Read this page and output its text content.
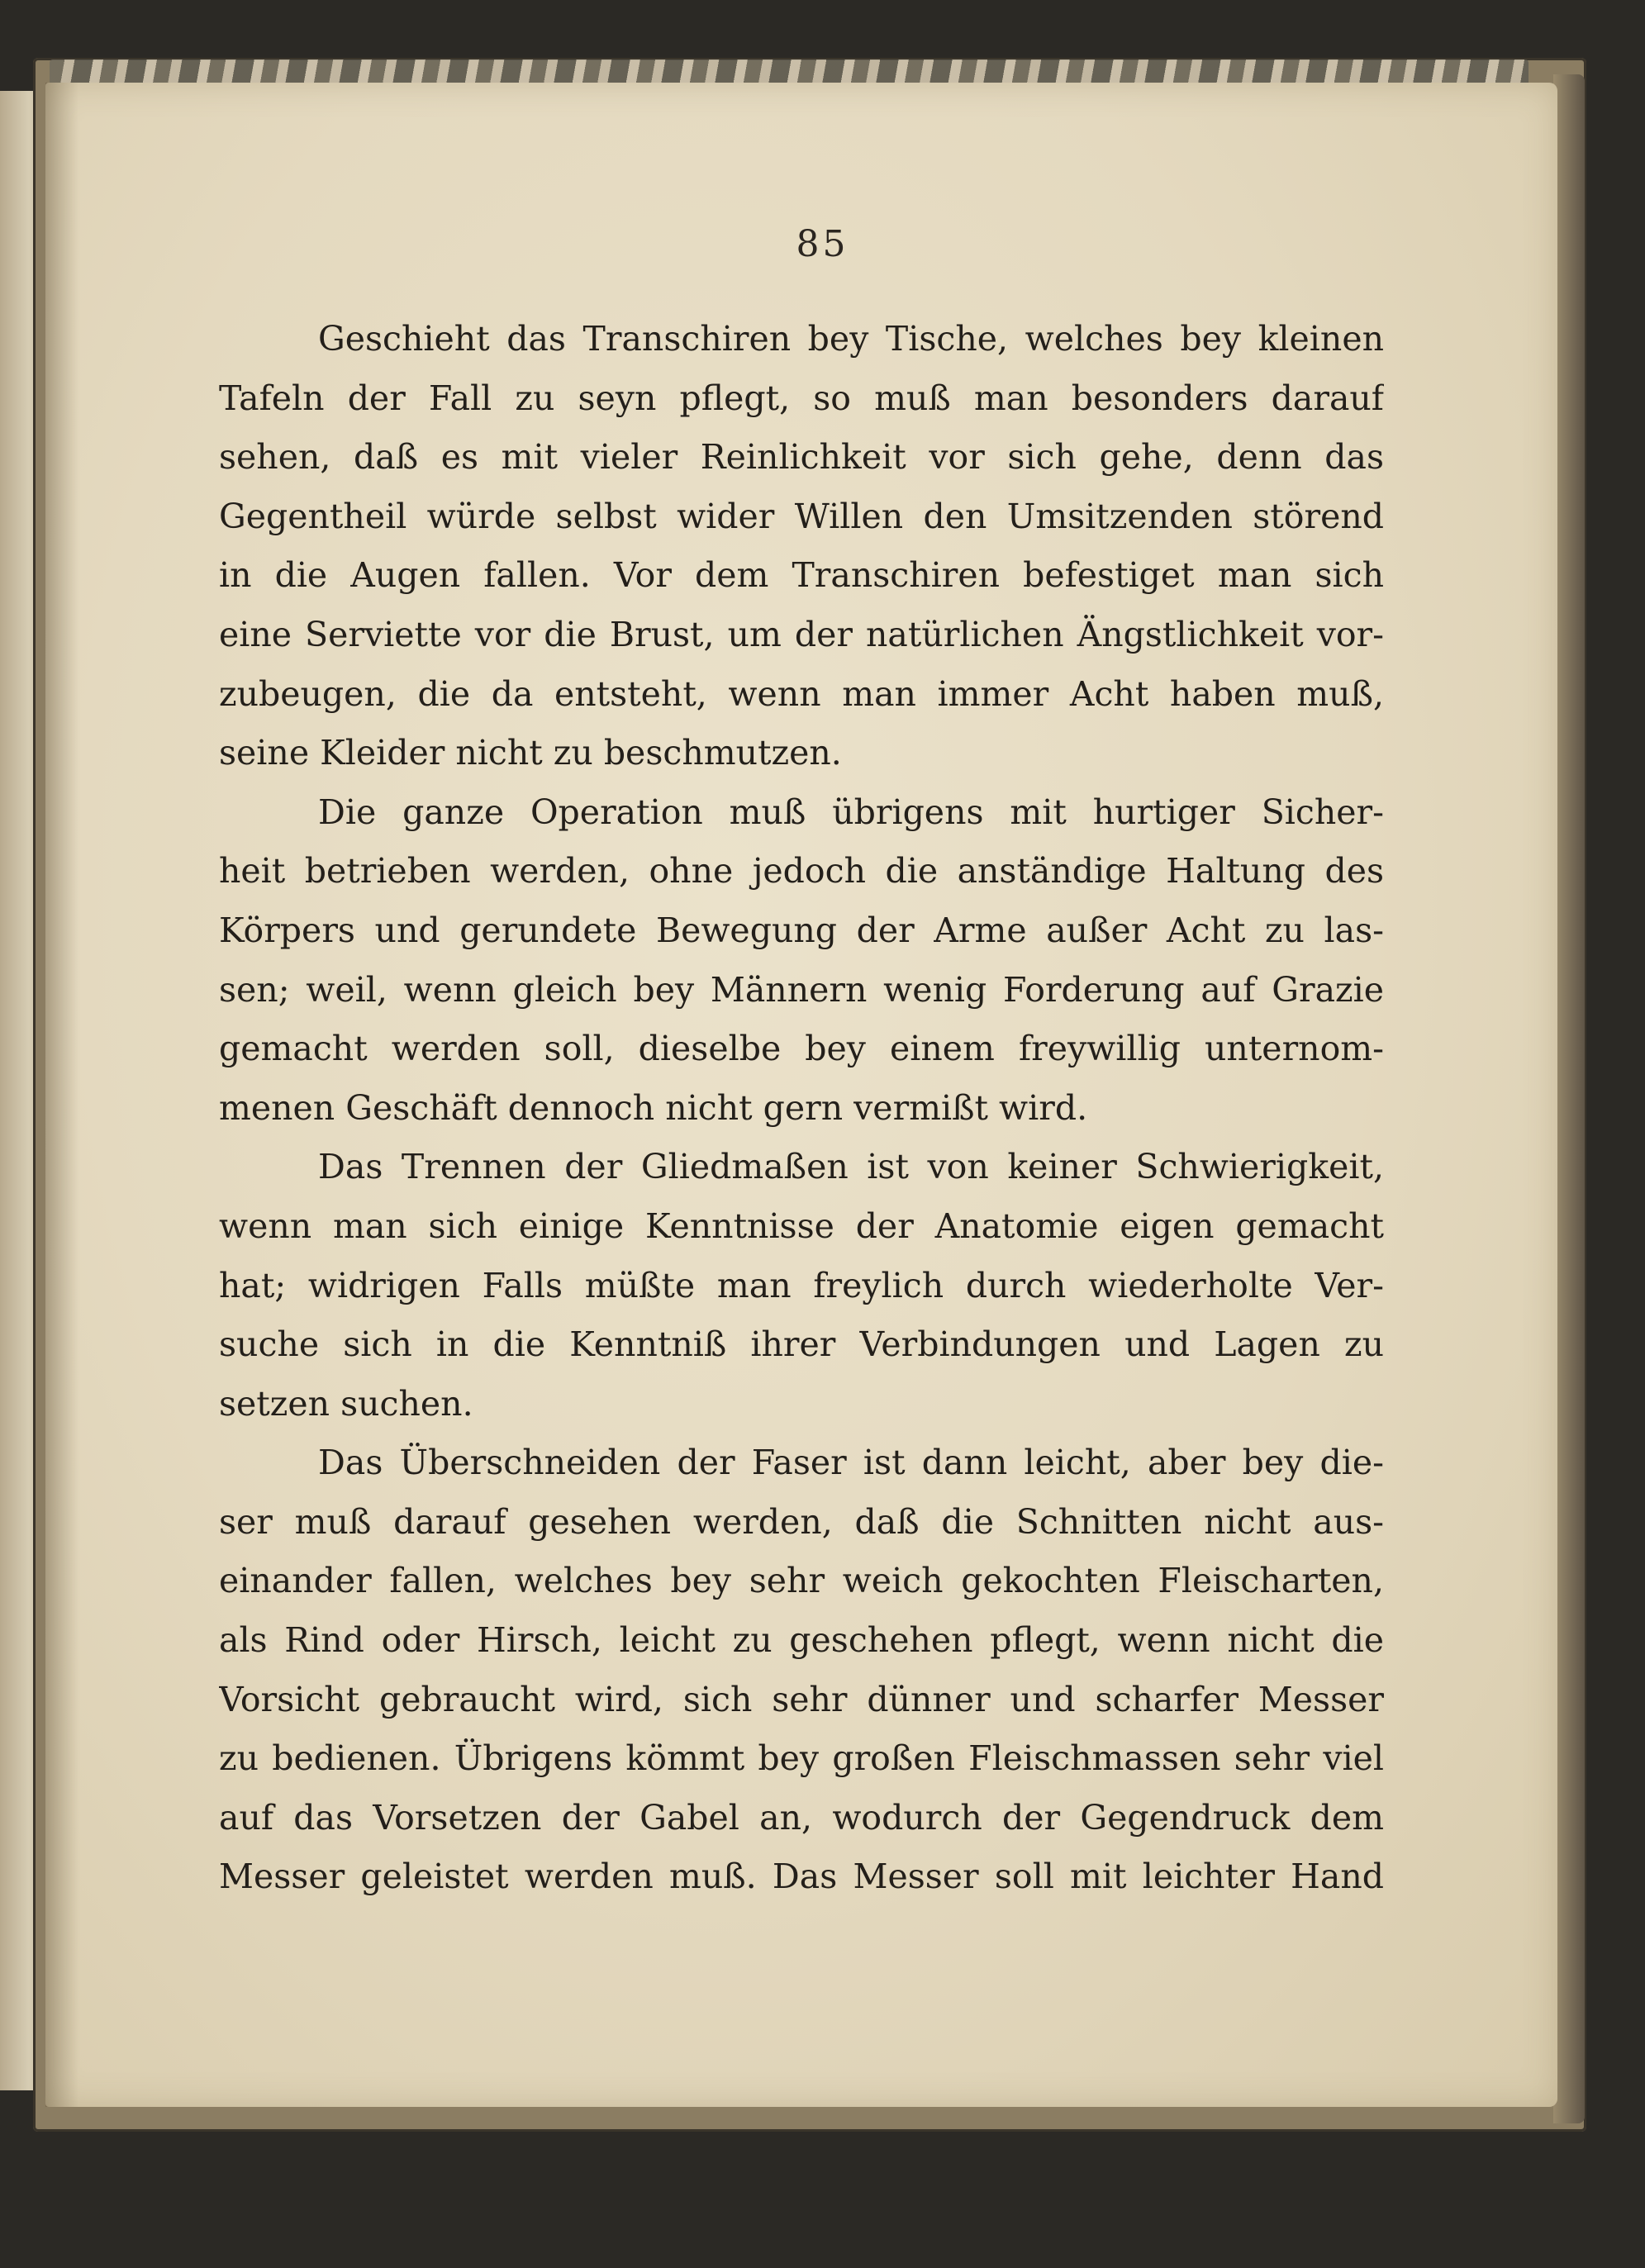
85
Geschieht das Transchiren bey Tische, welches bey kleinen
Tafeln der Fall zu seyn pflegt, so muß man besonders darauf
sehen, daß es mit vieler Reinlichkeit vor sich gehe, denn das
Gegentheil würde selbst wider Willen den Umsitzenden störend
in die Augen fallen. Vor dem Transchiren befestiget man sich
eine Serviette vor die Brust, um der natürlichen Ängstlichkeit vor-
zubeugen, die da entsteht, wenn man immer Acht haben muß,
seine Kleider nicht zu beschmutzen.
Die ganze Operation muß übrigens mit hurtiger Sicher-
heit betrieben werden, ohne jedoch die anständige Haltung des
Körpers und gerundete Bewegung der Arme außer Acht zu las-
sen; weil, wenn gleich bey Männern wenig Forderung auf Grazie
gemacht werden soll, dieselbe bey einem freywillig unternom-
menen Geschäft dennoch nicht gern vermißt wird.
Das Trennen der Gliedmaßen ist von keiner Schwierigkeit,
wenn man sich einige Kenntnisse der Anatomie eigen gemacht
hat; widrigen Falls müßte man freylich durch wiederholte Ver-
suche sich in die Kenntniß ihrer Verbindungen und Lagen zu
setzen suchen.
Das Überschneiden der Faser ist dann leicht, aber bey die-
ser muß darauf gesehen werden, daß die Schnitten nicht aus-
einander fallen, welches bey sehr weich gekochten Fleischarten,
als Rind oder Hirsch, leicht zu geschehen pflegt, wenn nicht die
Vorsicht gebraucht wird, sich sehr dünner und scharfer Messer
zu bedienen. Übrigens kömmt bey großen Fleischmassen sehr viel
auf das Vorsetzen der Gabel an, wodurch der Gegendruck dem
Messer geleistet werden muß. Das Messer soll mit leichter Hand
